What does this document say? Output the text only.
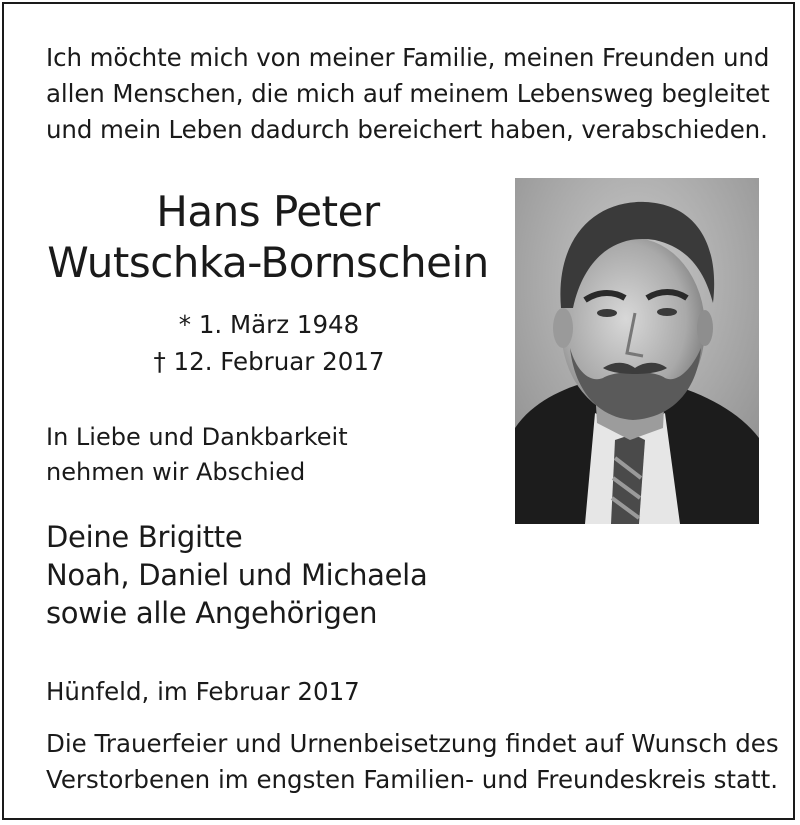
Ich möchte mich von meiner Familie, meinen Freunden und
allen Menschen, die mich auf meinem Lebensweg begleitet
und mein Leben dadurch bereichert haben, verabschieden.
Hans Peter
Wutschka-Bornschein
* 1. März 1948
† 12. Februar 2017
In Liebe und Dankbarkeit
nehmen wir Abschied
Deine Brigitte
Noah, Daniel und Michaela
sowie alle Angehörigen
Hünfeld, im Februar 2017
Die Trauerfeier und Urnenbeisetzung findet auf Wunsch des
Verstorbenen im engsten Familien- und Freundeskreis statt.
